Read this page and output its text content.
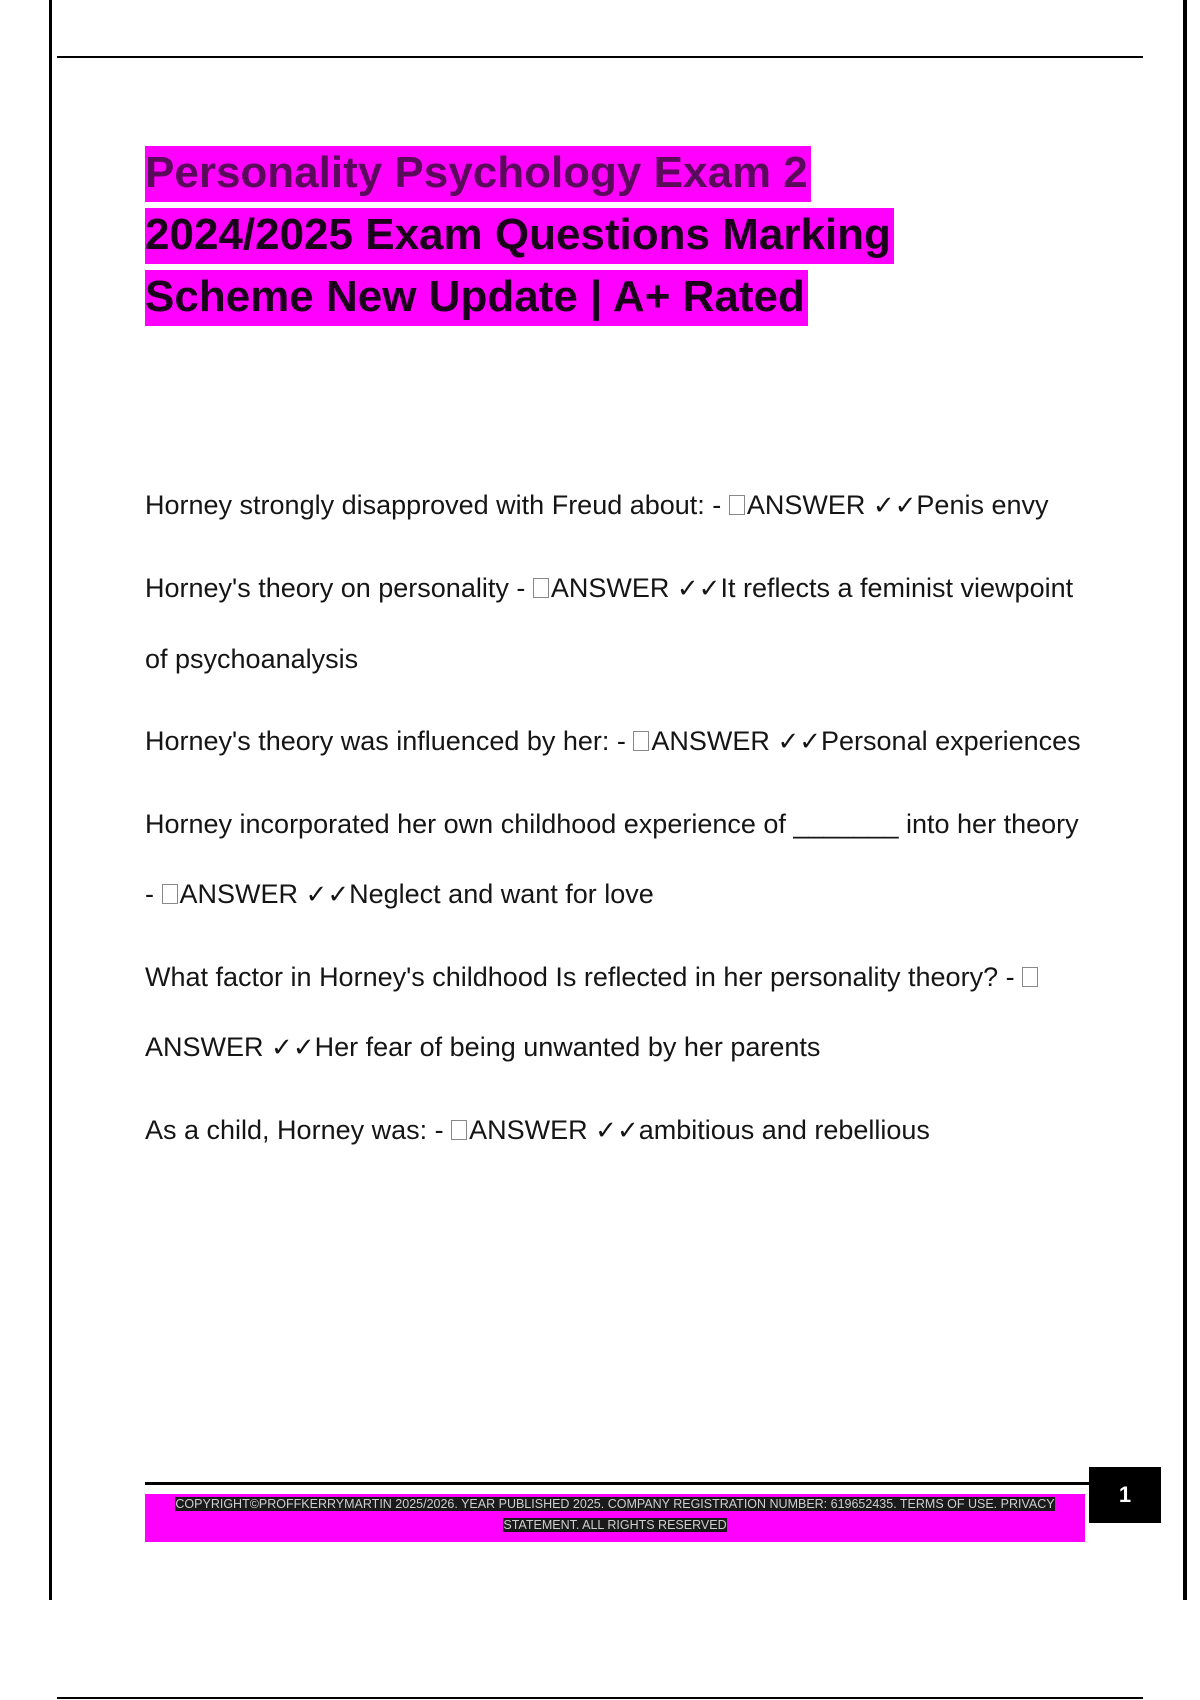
Personality Psychology Exam 2
2024/2025 Exam Questions Marking
Scheme New Update | A+ Rated

Horney strongly disapproved with Freud about: - ANSWER ✓✓Penis envy

Horney's theory on personality - ANSWER ✓✓It reflects a feminist viewpoint of psychoanalysis

Horney's theory was influenced by her: - ANSWER ✓✓Personal experiences

Horney incorporated her own childhood experience of _______ into her theory - ANSWER ✓✓Neglect and want for love

What factor in Horney's childhood Is reflected in her personality theory? - ANSWER ✓✓Her fear of being unwanted by her parents

As a child, Horney was: - ANSWER ✓✓ambitious and rebellious

COPYRIGHT©PROFFKERRYMARTIN 2025/2026. YEAR PUBLISHED 2025. COMPANY REGISTRATION NUMBER: 619652435. TERMS OF USE. PRIVACY STATEMENT. ALL RIGHTS RESERVED
1
